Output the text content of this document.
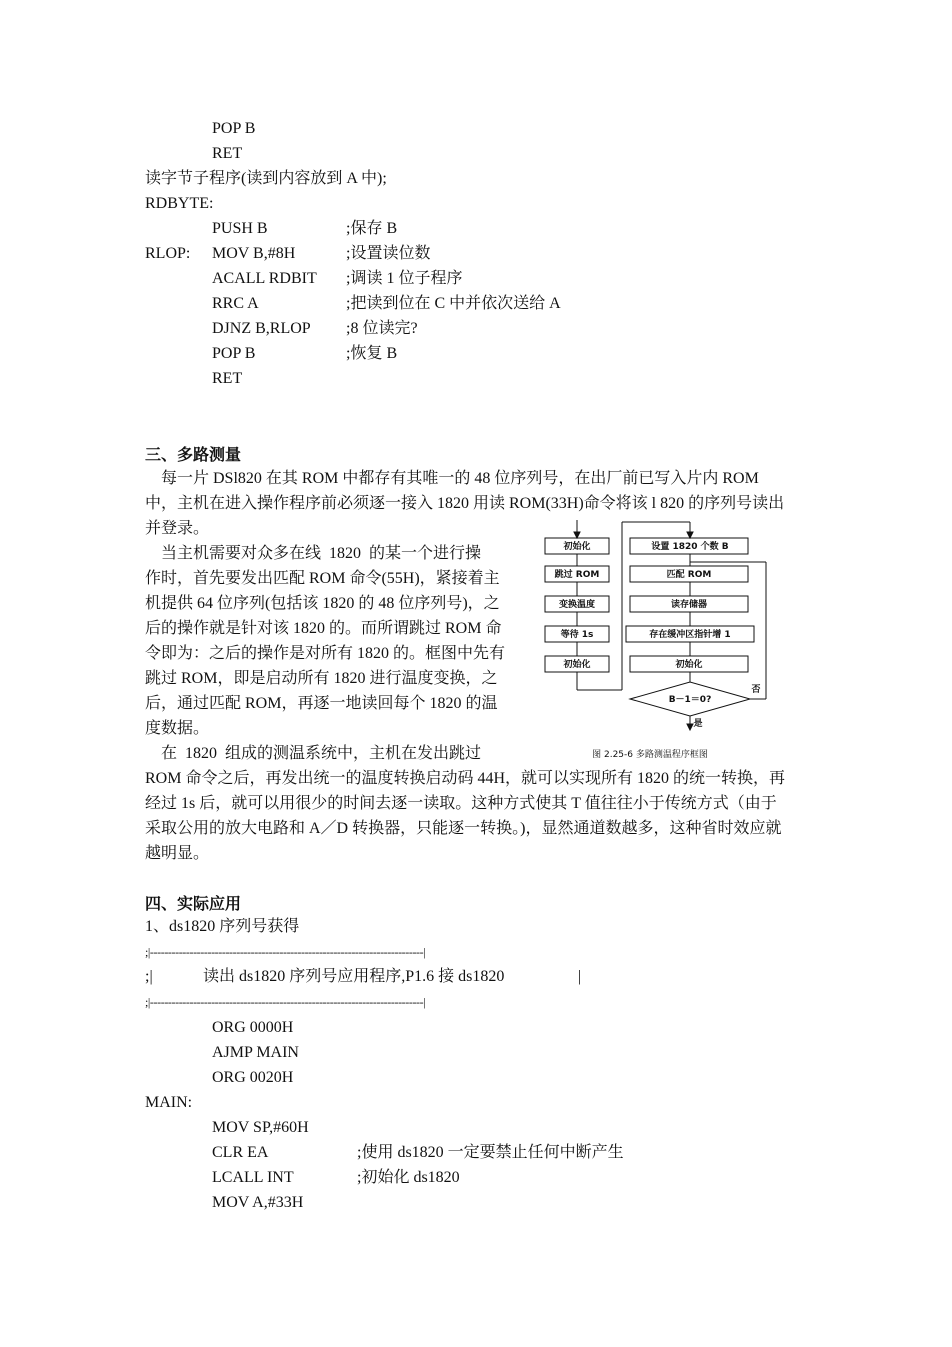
POP B
RET
读字节子程序(读到内容放到 A 中);
RDBYTE:
PUSH B	;保存 B
RLOP: MOV B,#8H	;设置读位数
ACALL RDBIT ;调读 1 位子程序
RRC A	;把读到位在 C 中并依次送给 A
DJNZ B,RLOP ;8 位读完?
POP B	;恢复 B
RET
三、多路测量
每一片 DSl820 在其 ROM 中都存有其唯一的 48 位序列号，在出厂前已写入片内 ROM
中，主机在进入操作程序前必须逐一接入 1820 用读 ROM(33H)命令将该 l 820 的序列号读出
并登录。
当主机需要对众多在线  1820  的某一个进行操
作时，首先要发出匹配 ROM 命令(55H)，紧接着主
机提供 64 位序列(包括该 1820 的 48 位序列号)，之
后的操作就是针对该 1820 的。而所谓跳过 ROM 命
令即为：之后的操作是对所有 1820 的。框图中先有
跳过 ROM，即是启动所有 1820 进行温度变换，之
后，通过匹配 ROM，再逐一地读回每个 1820 的温
度数据。
在  1820  组成的测温系统中，主机在发出跳过
ROM 命令之后，再发出统一的温度转换启动码 44H，就可以实现所有 1820 的统一转换，再
经过 1s 后，就可以用很少的时间去逐一读取。这种方式使其 T 值往往小于传统方式（由于
采取公用的放大电路和 A／D 转换器，只能逐一转换。)，显然通道数越多，这种省时效应就
越明显。
初始化
跳过 ROM
变换温度
等待 1s
初始化
设置 1820 个数 B
匹配 ROM
读存储器
存在缓冲区指针增 1
初始化
B－1＝0?
否
是
图 2.25-6 多路测温程序框图
四、实际应用
1、ds1820 序列号获得
;|----------------------------------------------------------------------------|
;|	读出 ds1820 序列号应用程序,P1.6 接 ds1820	|
;|----------------------------------------------------------------------------|
ORG 0000H
AJMP MAIN
ORG 0020H
MAIN:
MOV SP,#60H
CLR EA	;使用 ds1820 一定要禁止任何中断产生
LCALL INT	;初始化 ds1820
MOV A,#33H
